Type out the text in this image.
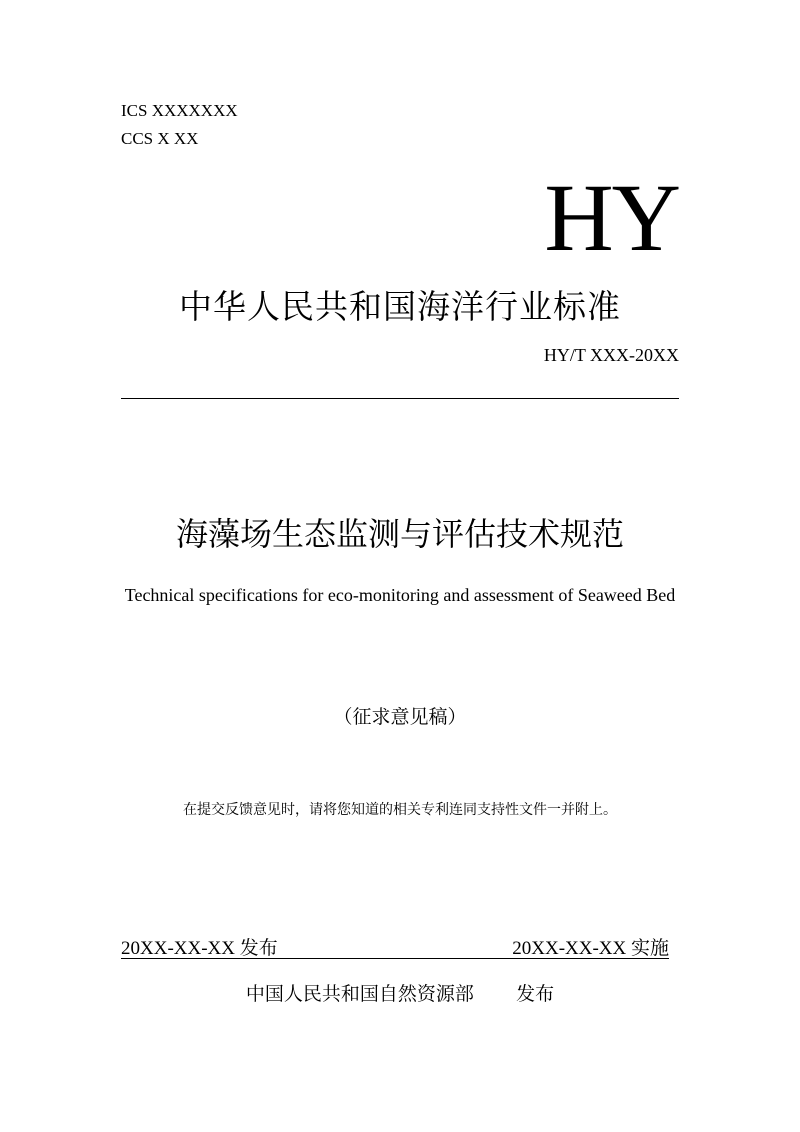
ICS XXXXXXX
CCS X XX
HY
中华人民共和国海洋行业标准
HY/T XXX-20XX
海藻场生态监测与评估技术规范
Technical specifications for eco-monitoring and assessment of Seaweed Bed
（征求意见稿）
在提交反馈意见时，请将您知道的相关专利连同支持性文件一并附上。
20XX-XX-XX 发布	20XX-XX-XX 实施
中国人民共和国自然资源部 发布
